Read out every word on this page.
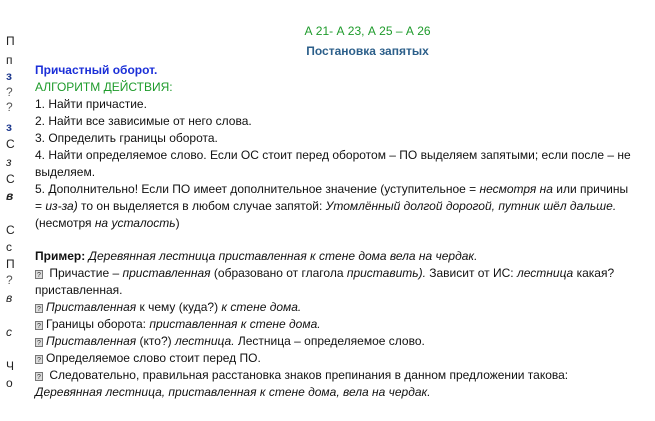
П
п
з
?
?
з
С
з
С
в
С
с
П
?
в
с
Ч
о
А 21- А 23, А 25 – А 26
Постановка запятых

Причастный оборот.

АЛГОРИТМ ДЕЙСТВИЯ:

1. Найти причастие.

2. Найти все зависимые от него слова.

3. Определить границы оборота.

4. Найти определяемое слово. Если ОС стоит перед оборотом – ПО выделяем запятыми; если после – не выделяем.

5. Дополнительно! Если ПО имеет дополнительное значение (уступительное = несмотря на или причины = из-за) то он выделяется в любом случае запятой: Утомлённый долгой дорогой, путник шёл дальше. (несмотря на усталость)

Пример: Деревянная лестница приставленная к стене дома вела на чердак.

? Причастие – приставленная (образовано от глагола приставить). Зависит от ИС: лестница какая? приставленная.

? Приставленная к чему (куда?) к стене дома.

? Границы оборота: приставленная к стене дома.

? Приставленная (кто?) лестница. Лестница – определяемое слово.

? Определяемое слово стоит перед ПО.

? Следовательно, правильная расстановка знаков препинания в данном предложении такова: Деревянная лестница, приставленная к стене дома, вела на чердак.
